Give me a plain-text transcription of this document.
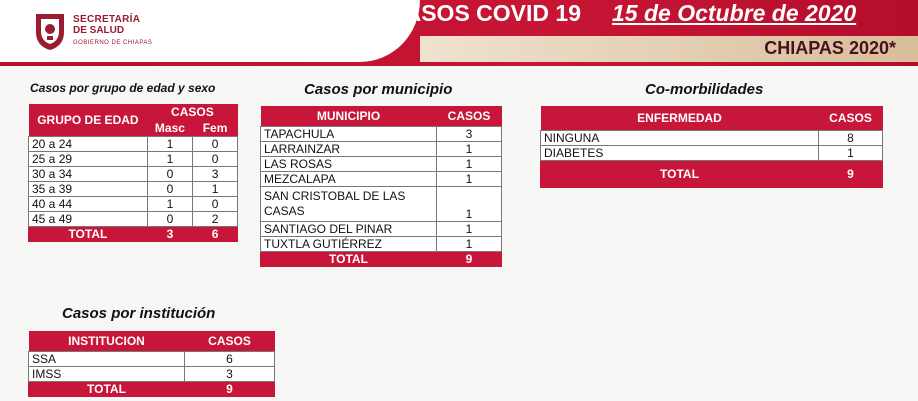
SECRETARÍA
DE SALUD
GOBIERNO DE CHIAPAS
CASOS COVID 19 15 de Octubre de 2020
CHIAPAS 2020*
Casos por grupo de edad y sexo
GRUPO DE EDAD	CASOS	
	Masc	Fem
20 a 24	1	0
25 a 29	1	0
30 a 34	0	3
35 a 39	0	1
40 a 44	1	0
45 a 49	0	2
TOTAL	3	6
Casos por municipio
MUNICIPIO	CASOS
TAPACHULA	3
LARRAINZAR	1
LAS ROSAS	1
MEZCALAPA	1
SAN CRISTOBAL DE LAS CASAS	1
SANTIAGO DEL PINAR	1
TUXTLA GUTIÉRREZ	1
TOTAL	9
Co-morbilidades
ENFERMEDAD	CASOS
NINGUNA	8
DIABETES	1
TOTAL	9
Casos por institución
INSTITUCION	CASOS
SSA	6
IMSS	3
TOTAL	9
